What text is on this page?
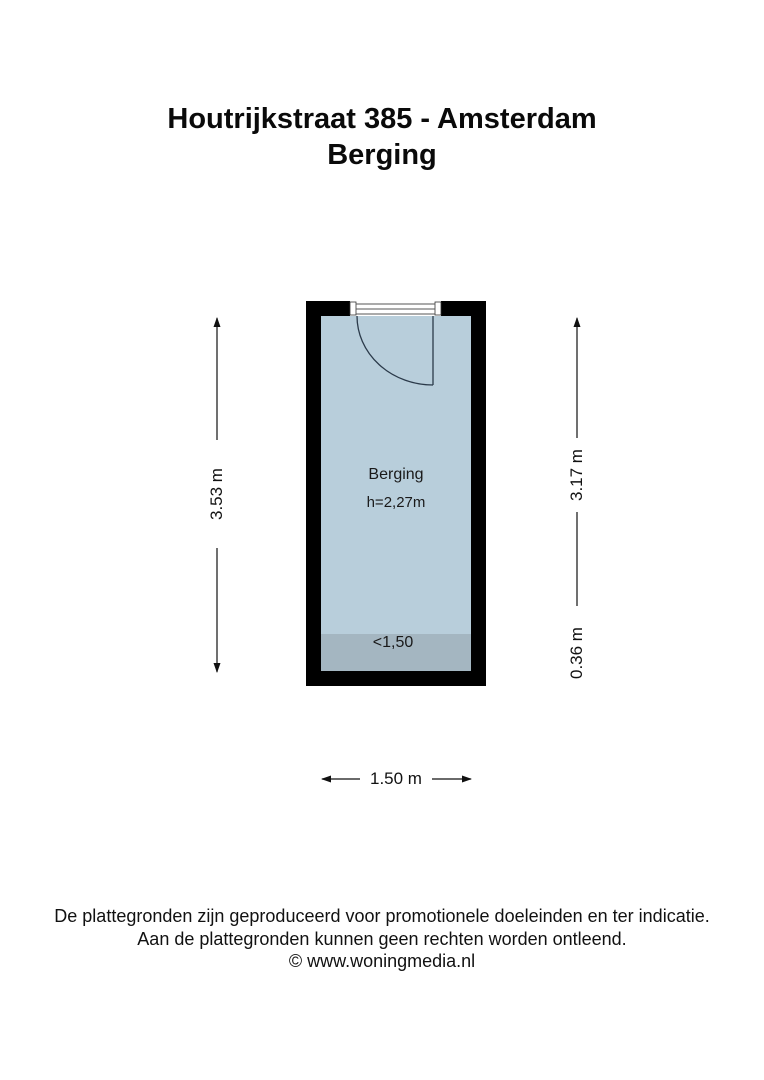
Houtrijkstraat 385 - Amsterdam
Berging
Berging
h=2,27m
<1,50
3.53 m	3.17 m
0.36 m
1.50 m
De plattegronden zijn geproduceerd voor promotionele doeleinden en ter indicatie.
Aan de plattegronden kunnen geen rechten worden ontleend.
© www.woningmedia.nl
